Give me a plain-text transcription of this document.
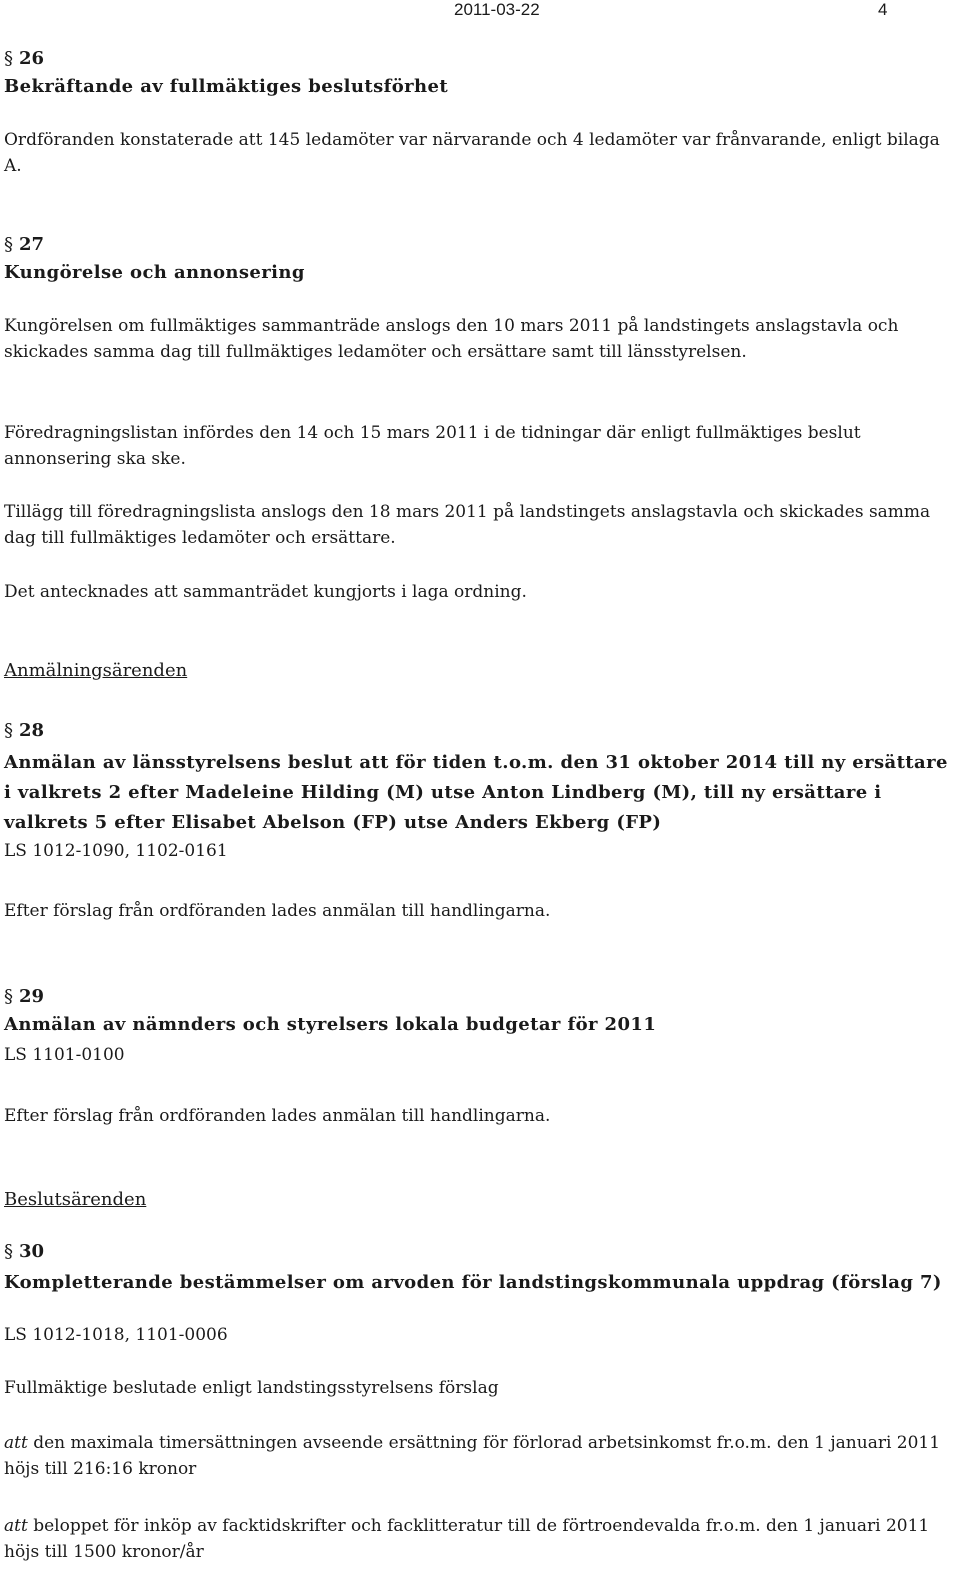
2011-03-22	4
§ 26
Bekräftande av fullmäktiges beslutsförhet
Ordföranden konstaterade att 145 ledamöter var närvarande och 4 ledamöter var frånvarande, enligt bilaga A.
§ 27
Kungörelse och annonsering
Kungörelsen om fullmäktiges sammanträde anslogs den 10 mars 2011 på landstingets anslagstavla och skickades samma dag till fullmäktiges ledamöter och ersättare samt till länsstyrelsen.
Föredragningslistan infördes den 14 och 15 mars 2011 i de tidningar där enligt fullmäktiges beslut annonsering ska ske.
Tillägg till föredragningslista anslogs den 18 mars 2011 på landstingets anslagstavla och skickades samma dag till fullmäktiges ledamöter och ersättare.
Det antecknades att sammanträdet kungjorts i laga ordning.
Anmälningsärenden
§ 28
Anmälan av länsstyrelsens beslut att för tiden t.o.m. den 31 oktober 2014 till ny ersättare i valkrets 2 efter Madeleine Hilding (M) utse Anton Lindberg (M), till ny ersättare i valkrets 5 efter Elisabet Abelson (FP) utse Anders Ekberg (FP)
LS 1012-1090, 1102-0161
Efter förslag från ordföranden lades anmälan till handlingarna.
§ 29
Anmälan av nämnders och styrelsers lokala budgetar för 2011
LS 1101-0100
Efter förslag från ordföranden lades anmälan till handlingarna.
Beslutsärenden
§ 30
Kompletterande bestämmelser om arvoden för landstingskommunala uppdrag (förslag 7)
LS 1012-1018, 1101-0006
Fullmäktige beslutade enligt landstingsstyrelsens förslag
att den maximala timersättningen avseende ersättning för förlorad arbetsinkomst fr.o.m. den 1 januari 2011 höjs till 216:16 kronor
att beloppet för inköp av facktidskrifter och facklitteratur till de förtroendevalda fr.o.m. den 1 januari 2011 höjs till 1500 kronor/år
